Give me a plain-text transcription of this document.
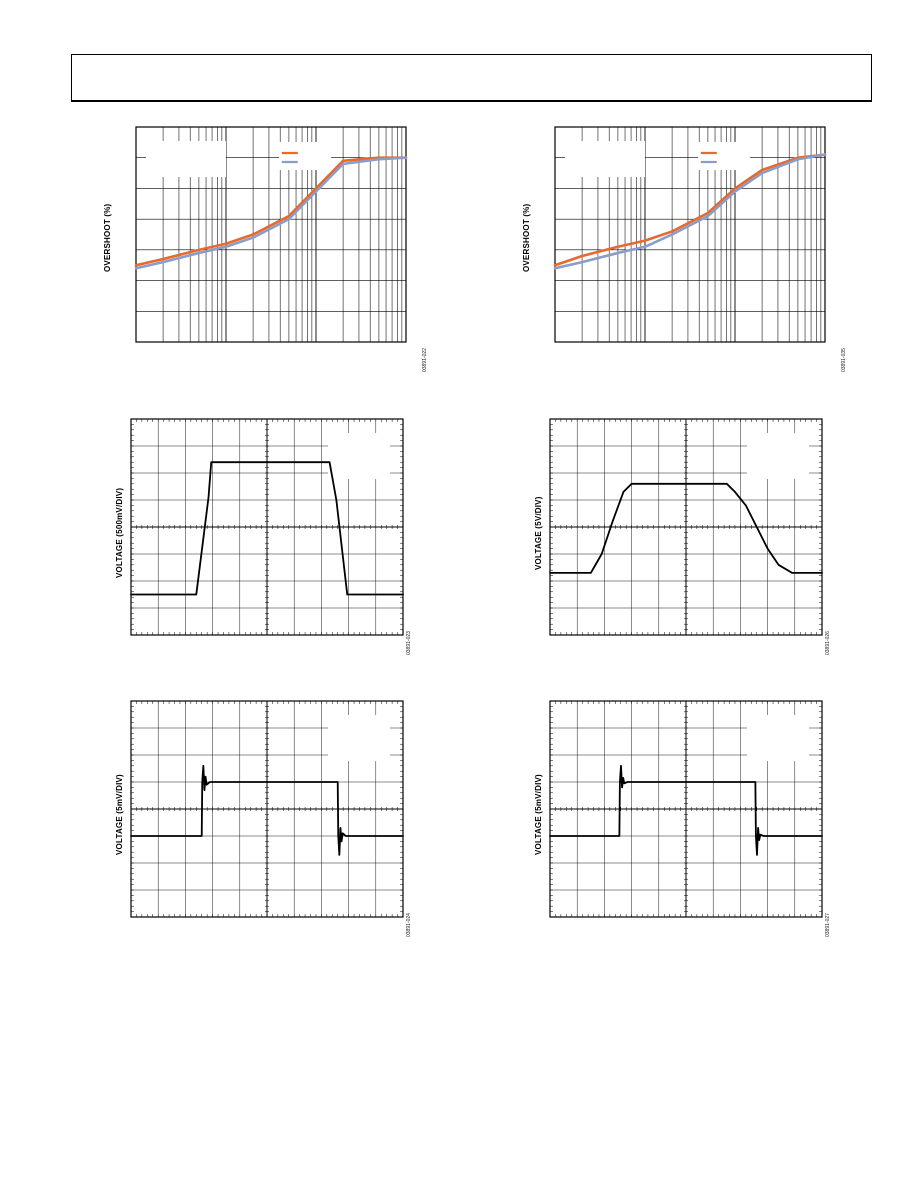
OVERSHOOT (%)	OVERSHOOT (%)
VOLTAGE (500mV/DIV)	VOLTAGE (5V/DIV)
VOLTAGE (5mV/DIV)	VOLTAGE (5mV/DIV)
03891-022	03891-035
03891-023	03891-026
03891-024	03891-027
